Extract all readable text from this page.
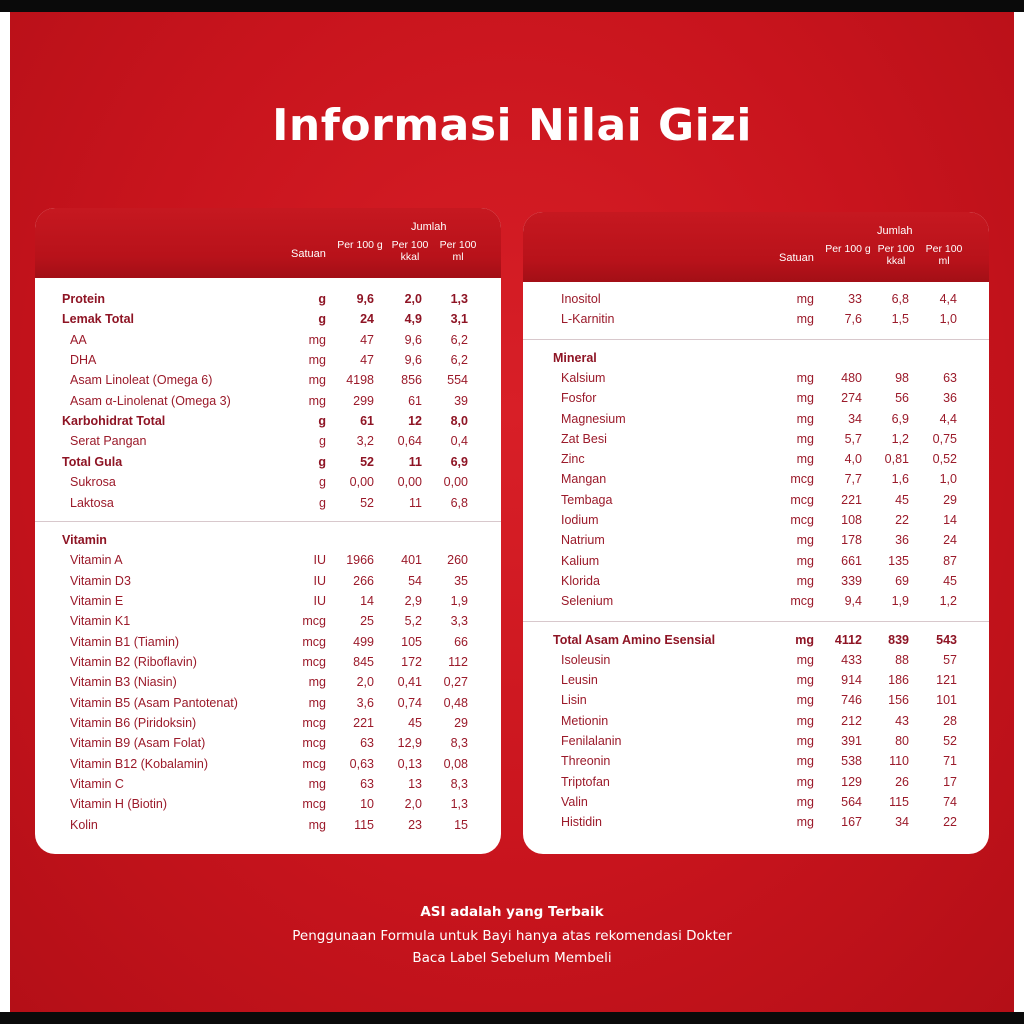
Informasi Nilai Gizi
Jumlah
Satuan
Per 100 g Per 100 kkal
Per 100 ml
Protein	g	9,6	2,0	1,3
Lemak Total	g	24	4,9	3,1
AA	mg	47	9,6	6,2
DHA	mg	47	9,6	6,2
Asam Linoleat (Omega 6)	mg	4198	856	554
Asam α-Linolenat (Omega 3)	mg	299	61	39
Karbohidrat Total	g	61	12	8,0
Serat Pangan	g	3,2	0,64	0,4
Total Gula	g	52	11	6,9
Sukrosa	g	0,00	0,00	0,00
Laktosa	g	52	11	6,8
Vitamin
Vitamin A	IU	1966	401	260
Vitamin D3	IU	266	54	35
Vitamin E	IU	14	2,9	1,9
Vitamin K1	mcg	25	5,2	3,3
Vitamin B1 (Tiamin)	mcg	499	105	66
Vitamin B2 (Riboflavin)	mcg	845	172	112
Vitamin B3 (Niasin)	mg	2,0	0,41	0,27
Vitamin B5 (Asam Pantotenat)	mg	3,6	0,74	0,48
Vitamin B6 (Piridoksin)	mcg	221	45	29
Vitamin B9 (Asam Folat)	mcg	63	12,9	8,3
Vitamin B12 (Kobalamin)	mcg	0,63	0,13	0,08
Vitamin C	mg	63	13	8,3
Vitamin H (Biotin)	mcg	10	2,0	1,3
Kolin	mg	115	23	15
Jumlah
Satuan
Per 100 g Per 100 kkal
Per 100 ml
Inositol	mg	33	6,8	4,4
L-Karnitin	mg	7,6	1,5	1,0
Mineral
Kalsium	mg	480	98	63
Fosfor	mg	274	56	36
Magnesium	mg	34	6,9	4,4
Zat Besi	mg	5,7	1,2	0,75
Zinc	mg	4,0	0,81	0,52
Mangan	mcg	7,7	1,6	1,0
Tembaga	mcg	221	45	29
Iodium	mcg	108	22	14
Natrium	mg	178	36	24
Kalium	mg	661	135	87
Klorida	mg	339	69	45
Selenium	mcg	9,4	1,9	1,2
Total Asam Amino Esensial	mg	4112	839	543
Isoleusin	mg	433	88	57
Leusin	mg	914	186	121
Lisin	mg	746	156	101
Metionin	mg	212	43	28
Fenilalanin	mg	391	80	52
Threonin	mg	538	110	71
Triptofan	mg	129	26	17
Valin	mg	564	115	74
Histidin	mg	167	34	22
ASI adalah yang Terbaik
Penggunaan Formula untuk Bayi hanya atas rekomendasi Dokter
Baca Label Sebelum Membeli
